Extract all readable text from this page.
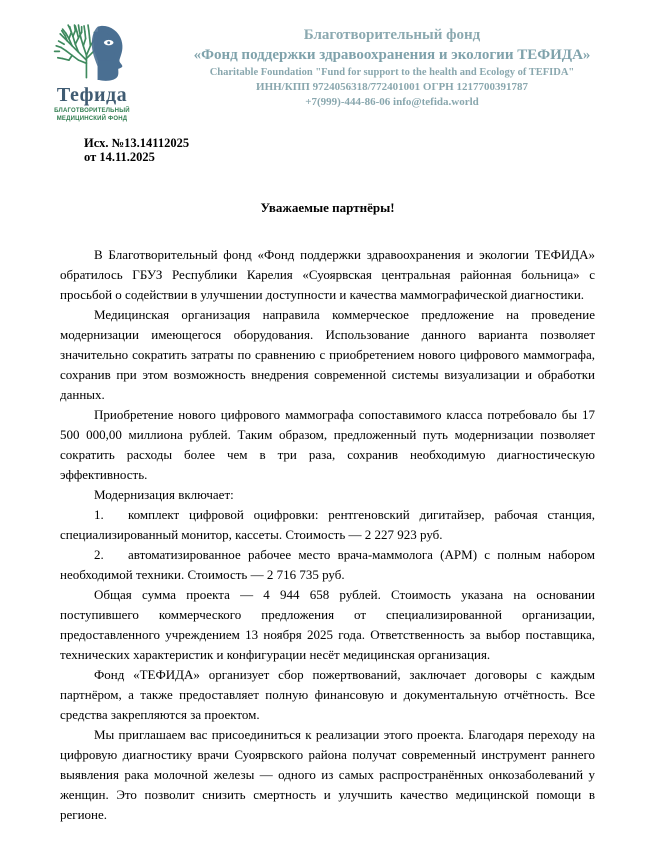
Тефида
БЛАГОТВОРИТЕЛЬНЫЙ
МЕДИЦИНСКИЙ ФОНД
Благотворительный фонд
«Фонд поддержки здравоохранения и экологии ТЕФИДА»
Charitable Foundation "Fund for support to the health and Ecology of TEFIDA"
ИНН/КПП 9724056318/772401001 ОГРН 1217700391787
+7(999)-444-86-06 info@tefida.world
Исх. №13.14112025
от 14.11.2025

Уважаемые партнёры!

В Благотворительный фонд «Фонд поддержки здравоохранения и экологии ТЕФИДА» обратилось ГБУЗ Республики Карелия «Суоярвская центральная районная больница» с просьбой о содействии в улучшении доступности и качества маммографической диагностики.

Медицинская организация направила коммерческое предложение на проведение модернизации имеющегося оборудования. Использование данного варианта позволяет значительно сократить затраты по сравнению с приобретением нового цифрового маммографа, сохранив при этом возможность внедрения современной системы визуализации и обработки данных.

Приобретение нового цифрового маммографа сопоставимого класса потребовало бы 17 500 000,00 миллиона рублей. Таким образом, предложенный путь модернизации позволяет сократить расходы более чем в три раза, сохранив необходимую диагностическую эффективность.

Модернизация включает:

1. комплект цифровой оцифровки: рентгеновский дигитайзер, рабочая станция, специализированный монитор, кассеты. Стоимость — 2 227 923 руб.

2. автоматизированное рабочее место врача-маммолога (АРМ) с полным набором необходимой техники. Стоимость — 2 716 735 руб.

Общая сумма проекта — 4 944 658 рублей. Стоимость указана на основании поступившего коммерческого предложения от специализированной организации, предоставленного учреждением 13 ноября 2025 года. Ответственность за выбор поставщика, технических характеристик и конфигурации несёт медицинская организация.

Фонд «ТЕФИДА» организует сбор пожертвований, заключает договоры с каждым партнёром, а также предоставляет полную финансовую и документальную отчётность. Все средства закрепляются за проектом.

Мы приглашаем вас присоединиться к реализации этого проекта. Благодаря переходу на цифровую диагностику врачи Суоярвского района получат современный инструмент раннего выявления рака молочной железы — одного из самых распространённых онкозаболеваний у женщин. Это позволит снизить смертность и улучшить качество медицинской помощи в регионе.
